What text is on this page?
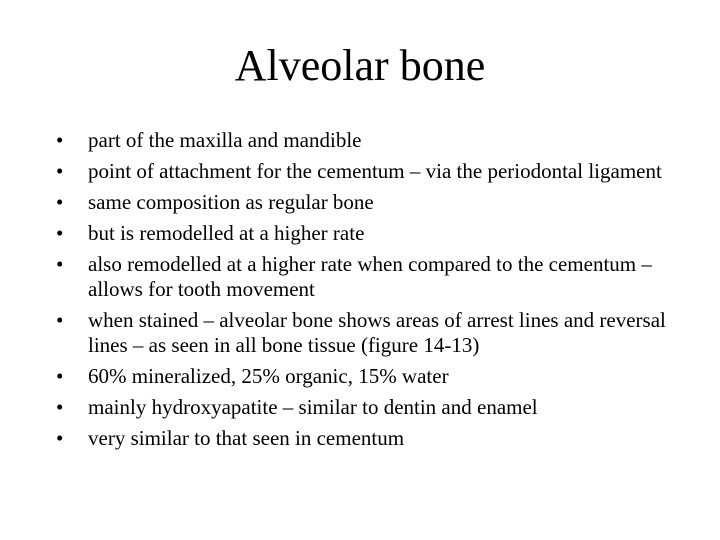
Alveolar bone
•	part of the maxilla and mandible
•	point of attachment for the cementum – via the periodontal ligament
•	same composition as regular bone
•	but is remodelled at a higher rate
•	also remodelled at a higher rate when compared to the cementum – allows for tooth movement
•	when stained – alveolar bone shows areas of arrest lines and reversal lines – as seen in all bone tissue (figure 14-13)
•	60% mineralized, 25% organic, 15% water
•	mainly hydroxyapatite – similar to dentin and enamel
•	very similar to that seen in cementum
